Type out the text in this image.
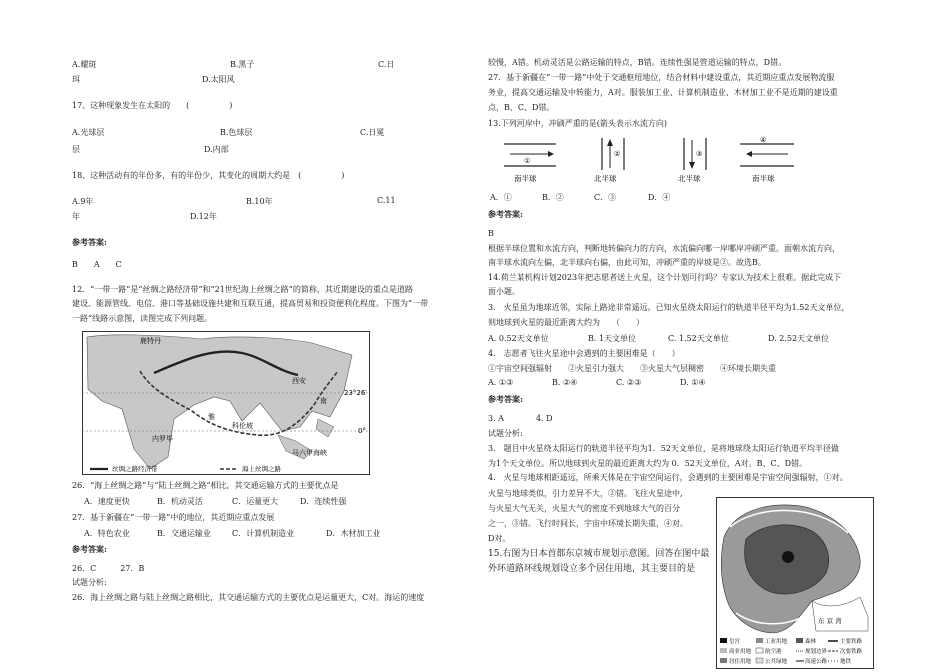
A.耀斑	B.黑子	C.日
珥	D.太阳风
17、这种现象发生在太阳的　　(　　　　　)
A.光球层	B.色球层	C.日冕
层	D.内部
18、这种活动有的年份多，有的年份少，其变化的周期大约是　(　　　　　)
A.9年	B.10年	C.11
年	D.12年
参考答案:
B　　A　　C
12．“一带一路”是“丝绸之路经济带”和“21世纪海上丝绸之路”的简称，其近期建设的重点是道路
建设、能源管线、电信、港口等基础设施共建和互联互通，提高贸易和投资便利化程度。下图为“一带
一路”线路示意图，读图完成下列问题。
鹿特丹
西安
雅
科伦坡
内罗毕
23°26′
0°
马六甲海峡
南
丝绸之路经济带	海上丝绸之路
26．“海上丝绸之路”与“陆上丝绸之路”相比，其交通运输方式的主要优点是
A．速度更快	B．机动灵活	C．运量更大	D．连续性强
27．基于新疆在“一带一路”中的地位，其近期应重点发展
A．特色农业	B．交通运输业	C．计算机制造业	D．木材加工业
参考答案:
26．C　　　27．B
试题分析:
26．海上丝绸之路与陆上丝绸之路相比，其交通运输方式的主要优点是运量更大，C对。海运的速度
较慢，A错。机动灵活是公路运输的特点，B错。连续性强是管道运输的特点，D错。
27．基于新疆在“一带一路”中处于交通枢纽地位，结合材料中建设重点，其近期应重点发展物流服
务业，提高交通运输及中转能力，A对。服装加工业、计算机制造业、木材加工业不是近期的建设重
点，B、C、D错。
13.下列河岸中，冲刷严重的是(箭头表示水流方向)
①
南半球
②
北半球
③
北半球
④
南半球
A．①	B．②	C．③	D．④
参考答案:
B
根据半球位置和水流方向，判断地转偏向力的方向，水流偏向哪一岸哪岸冲刷严重。面朝水流方向，
南半球水流向左偏，北半球向右偏，由此可知，冲刷严重的岸坡是②。故选B。
14.荷兰某机构计划2023年把志愿者送上火星，这个计划可行吗？专家认为技术上很难。据此完成下
面小题。
3.　火星虽为地球近邻，实际上路途非常遥远。已知火星绕太阳运行的轨道半径平均为1.52天文单位，
则地球到火星的最近距离大约为　　（　　）
A. 0.52天文单位	B. 1天文单位	C. 1.52天文单位	D. 2.52天文单位
4.　志愿者飞往火星途中会遇到的主要困难是（　　）
①宇宙空间强辐射　　②火星引力强大　　③火星大气层稠密　　④环境长期失重
A. ①③	B. ②④	C. ②③	D. ①④
参考答案:
3. A　　　　4. D
试题分析:
3.　题目中火星绕太阳运行的轨道半径平均为1．52天文单位，是将地球绕太阳运行轨道平均半径做
为1个天文单位。所以地球到火星的最近距离大约为 0．52天文单位，A对。B、C、D错。
4.　火星与地球相距遥远，所乘天体是在宇宙空间运行，会遇到的主要困难是宇宙空间强辐射，①对。
火星与地球类似，引力差异不大，②错。飞往火星途中,
与火星大气无关，火星大气的密度不到地球大气的百分
之一，③错。飞行时间长，宇宙中环境长期失重，④对。
D对。
15.右图为日本首都东京城市规划示意图。回答在图中最外环道路环线规划设立多个居住用地，其主要目的是
东 京 湾
皇宫	工业用地	森林	主要铁路
商业用地	航空港	规划边界 次要铁路
居住用地	公共绿地	高速公路 地铁
